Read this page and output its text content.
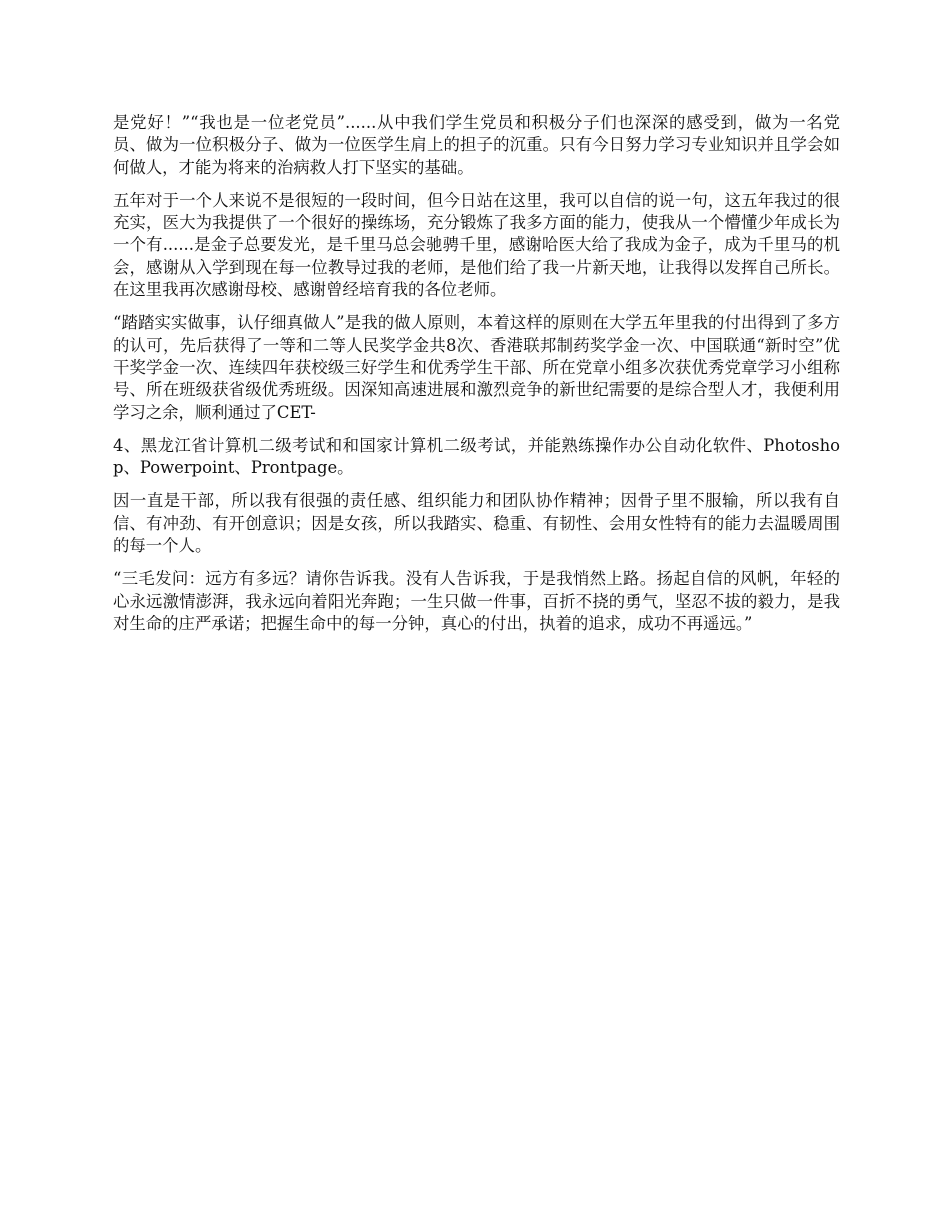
是党好！”“我也是一位老党员”......从中我们学生党员和积极分子们也深深的感受到，做为一名党员、做为一位积极分子、做为一位医学生肩上的担子的沉重。只有今日努力学习专业知识并且学会如何做人，才能为将来的治病救人打下坚实的基础。

五年对于一个人来说不是很短的一段时间，但今日站在这里，我可以自信的说一句，这五年我过的很充实，医大为我提供了一个很好的操练场，充分锻炼了我多方面的能力，使我从一个懵懂少年成长为一个有......是金子总要发光，是千里马总会驰骋千里，感谢哈医大给了我成为金子，成为千里马的机会，感谢从入学到现在每一位教导过我的老师，是他们给了我一片新天地，让我得以发挥自己所长。在这里我再次感谢母校、感谢曾经培育我的各位老师。

“踏踏实实做事，认仔细真做人”是我的做人原则，本着这样的原则在大学五年里我的付出得到了多方的认可，先后获得了一等和二等人民奖学金共8次、香港联邦制药奖学金一次、中国联通“新时空”优干奖学金一次、连续四年获校级三好学生和优秀学生干部、所在党章小组多次获优秀党章学习小组称号、所在班级获省级优秀班级。因深知高速进展和激烈竞争的新世纪需要的是综合型人才，我便利用学习之余，顺利通过了CET-

4、黑龙江省计算机二级考试和和国家计算机二级考试，并能熟练操作办公自动化软件、Photoshop、Powerpoint、Prontpage。

因一直是干部，所以我有很强的责任感、组织能力和团队协作精神；因骨子里不服输，所以我有自信、有冲劲、有开创意识；因是女孩，所以我踏实、稳重、有韧性、会用女性特有的能力去温暖周围的每一个人。

“三毛发问：远方有多远？请你告诉我。没有人告诉我，于是我悄然上路。扬起自信的风帆，年轻的心永远激情澎湃，我永远向着阳光奔跑；一生只做一件事，百折不挠的勇气，坚忍不拔的毅力，是我对生命的庄严承诺；把握生命中的每一分钟，真心的付出，执着的追求，成功不再遥远。”
